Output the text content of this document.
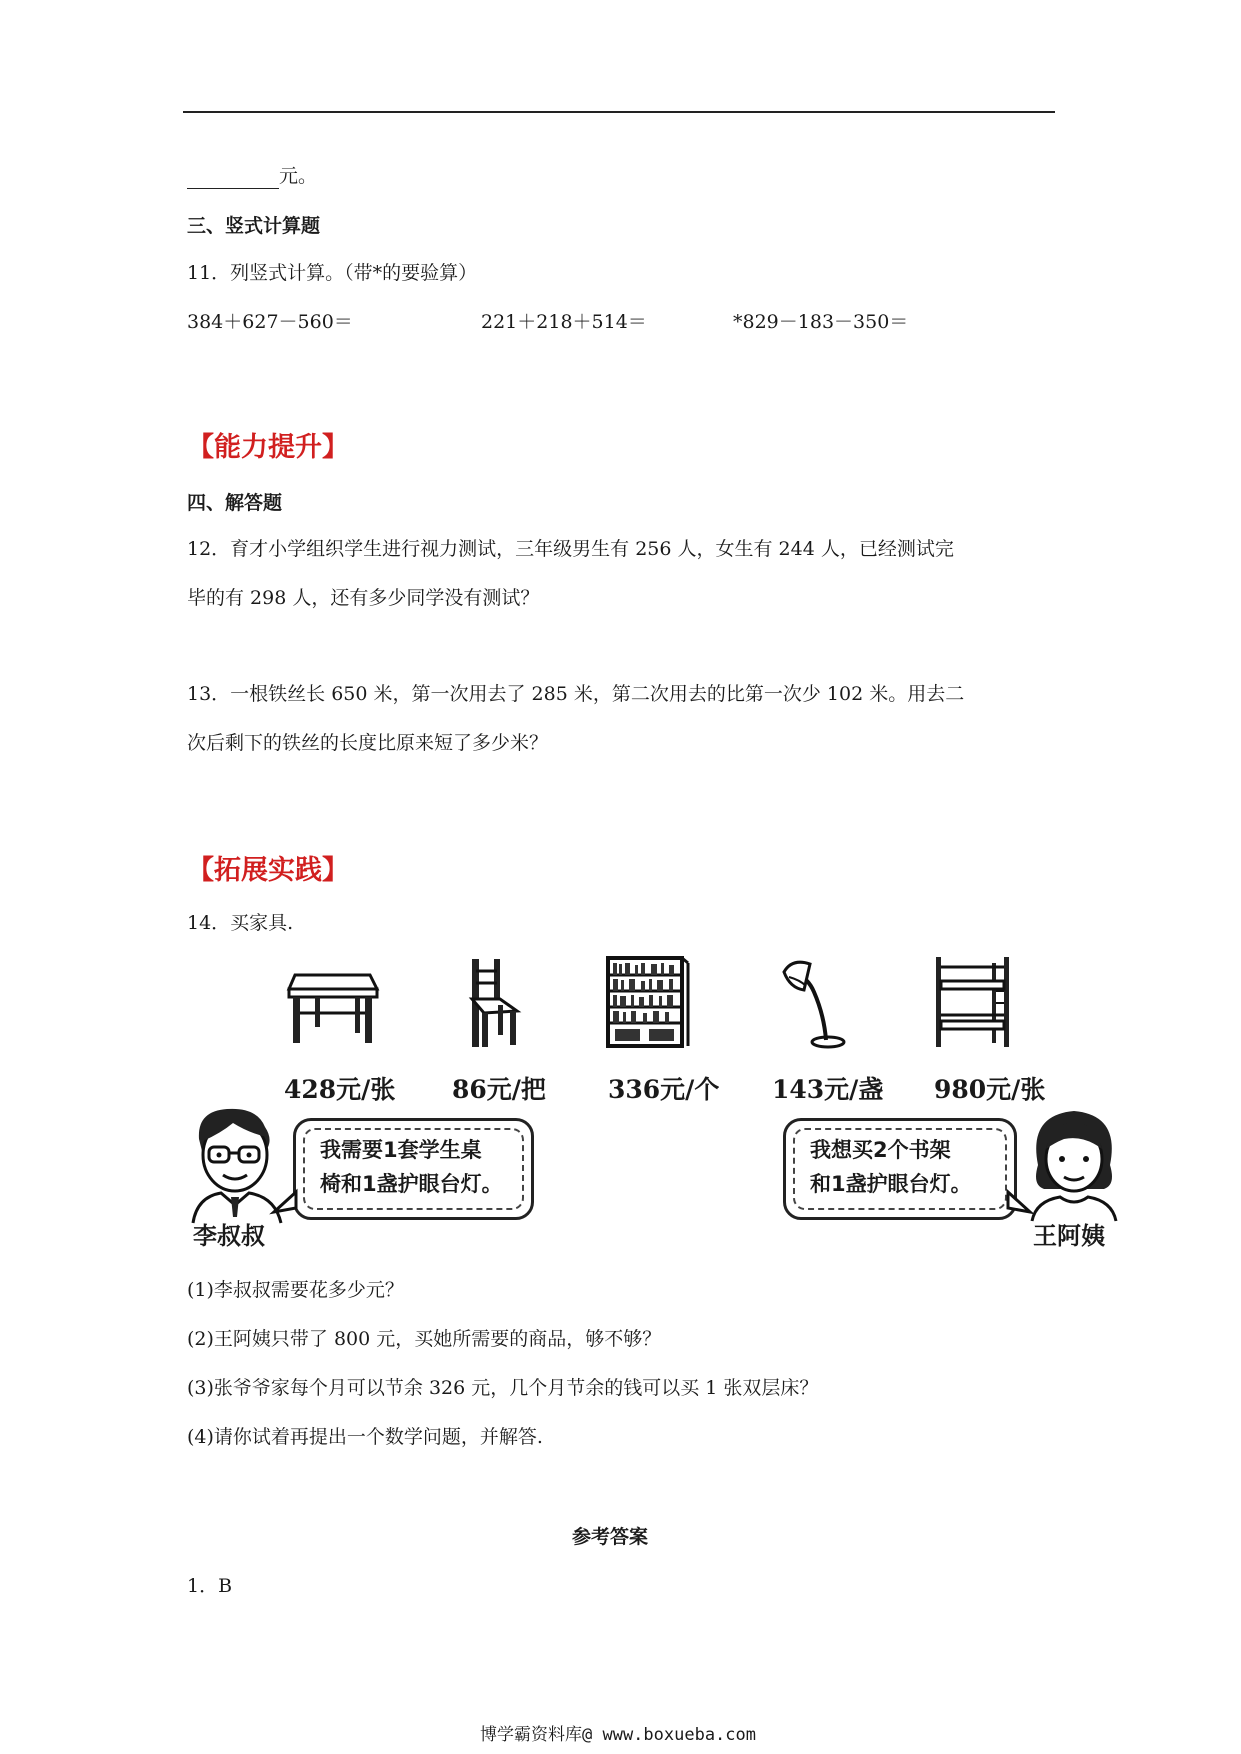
元。
三、竖式计算题
11．列竖式计算。（带*的要验算）
384＋627－560＝	221＋218＋514＝	*829－183－350＝
【能力提升】
四、解答题
12．育才小学组织学生进行视力测试，三年级男生有 256 人，女生有 244 人，已经测试完
毕的有 298 人，还有多少同学没有测试？
13．一根铁丝长 650 米，第一次用去了 285 米，第二次用去的比第一次少 102 米。用去二
次后剩下的铁丝的长度比原来短了多少米？
【拓展实践】
14．买家具.
428元/张 86元/把 336元/个 143元/盏 980元/张
李叔叔
我需要1套学生桌
椅和1盏护眼台灯。
我想买2个书架
和1盏护眼台灯。
王阿姨
(1)李叔叔需要花多少元？
(2)王阿姨只带了 800 元，买她所需要的商品，够不够？
(3)张爷爷家每个月可以节余 326 元，几个月节余的钱可以买 1 张双层床？
(4)请你试着再提出一个数学问题，并解答.
参考答案
1．B
博学霸资料库@ www.boxueba.com
